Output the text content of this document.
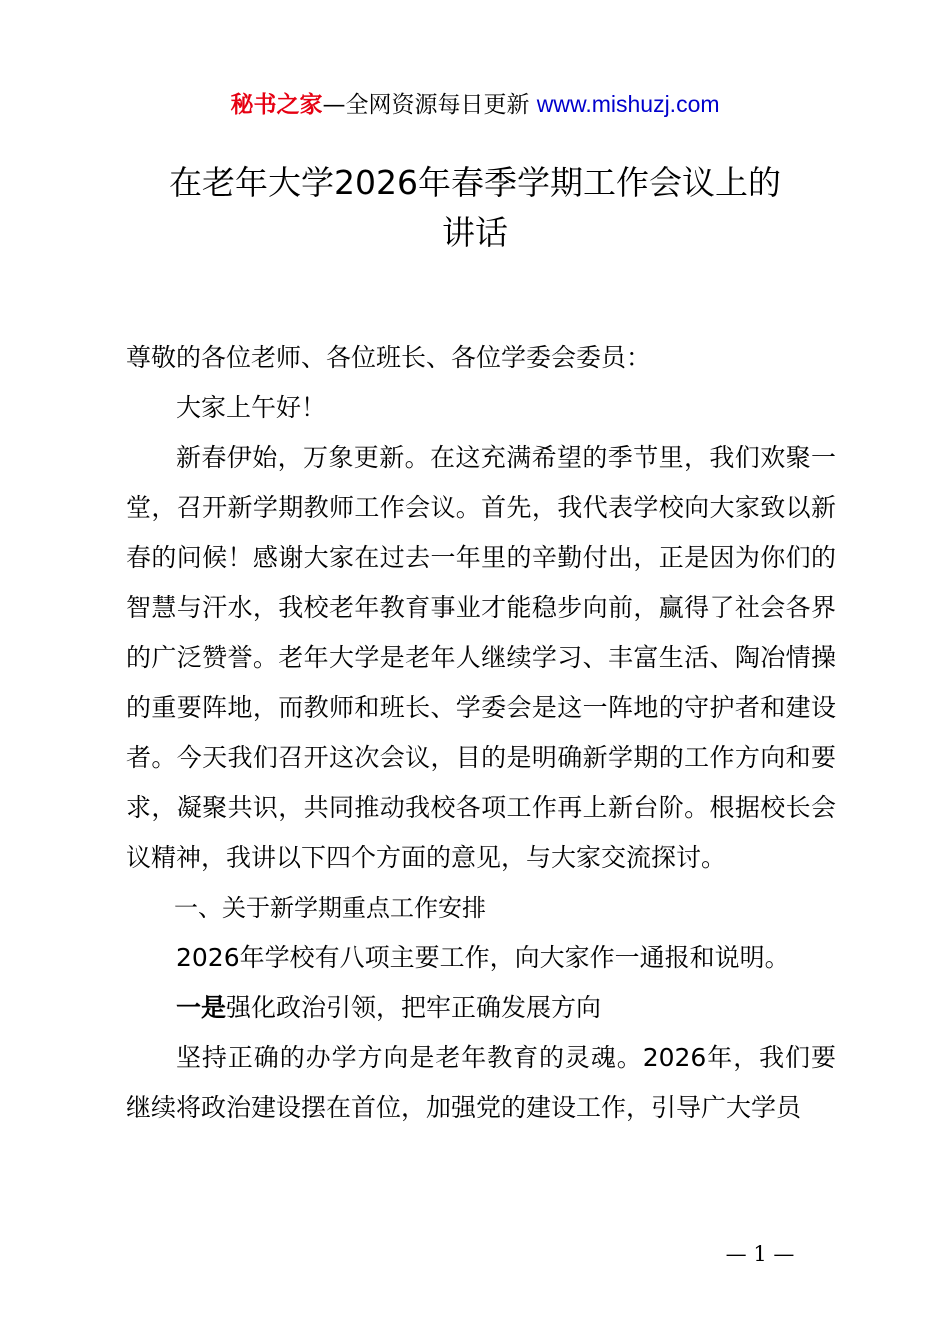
秘书之家—全网资源每日更新 www.mishuzj.com
在老年大学2026年春季学期工作会议上的
讲话

尊敬的各位老师、各位班长、各位学委会委员：

大家上午好！

新春伊始，万象更新。在这充满希望的季节里，我们欢聚一堂，召开新学期教师工作会议。首先，我代表学校向大家致以新春的问候！感谢大家在过去一年里的辛勤付出，正是因为你们的智慧与汗水，我校老年教育事业才能稳步向前，赢得了社会各界的广泛赞誉。老年大学是老年人继续学习、丰富生活、陶冶情操的重要阵地，而教师和班长、学委会是这一阵地的守护者和建设者。今天我们召开这次会议，目的是明确新学期的工作方向和要求，凝聚共识，共同推动我校各项工作再上新台阶。根据校长会议精神，我讲以下四个方面的意见，与大家交流探讨。

一、关于新学期重点工作安排

2026年学校有八项主要工作，向大家作一通报和说明。

一是强化政治引领，把牢正确发展方向

坚持正确的办学方向是老年教育的灵魂。2026年，我们要继续将政治建设摆在首位，加强党的建设工作，引导广大学员

— 1 —
